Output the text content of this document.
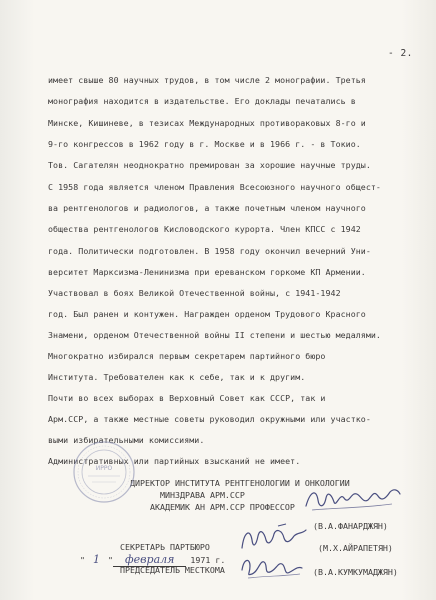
- 2.
имеет свыше 80 научных трудов, в том числе 2 монографии. Третья
монография находится в издательстве. Его доклады печатались в
Минске, Кишиневе, в тезисах Международных противораковых 8-го и
9-го конгрессов в 1962 году в г. Москве и в 1966 г. - в Токио.
Тов. Сагателян неоднократно премирован за хорошие научные труды.
С 1958 года является членом Правления Всесоюзного научного общест-
ва рентгенологов и радиологов, а также почетным членом научного
общества рентгенологов Кисловодского курорта. Член КПСС с 1942
года. Политически подготовлен. В 1958 году окончил вечерний Уни-
верситет Марксизма-Ленинизма при ереванском горкоме КП Армении.
Участвовал в боях Великой Отечественной войны, с 1941-1942
год. Был ранен и контужен. Награжден орденом Трудового Красного
Знамени, орденом Отечественной войны II степени и шестью медалями.
Многократно избирался первым секретарем партийного бюро
Института. Требователен как к себе, так и к другим.
Почти во всех выборах в Верховный Совет как СССР, так и
Арм.ССР, а также местные советы руководил окружными или участко-
выми избирательными комиссиями.
Административных или партийных взысканий не имеет.
ДИРЕКТОР ИНСТИТУТА РЕНТГЕНОЛОГИИ И ОНКОЛОГИИ
МИНЗДРАВА АРМ.ССР
АКАДЕМИК АН АРМ.ССР ПРОФЕССОР
(В.А.ФАНАРДЖЯН)
СЕКРЕТАРЬ ПАРТБЮРО	(М.Х.АЙРАПЕТЯН)
ПРЕДСЕДАТЕЛЬ МЕСТКОМА	(В.А.КУМКУМАДЖЯН)
ИРРО
" 1 " февраля 1971 г.
